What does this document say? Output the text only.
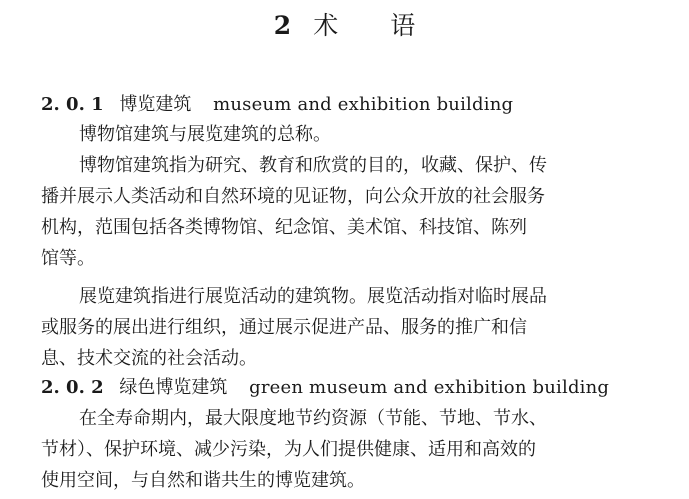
2 术 语
2. 0. 1 博览建筑 museum and exhibition building
博物馆建筑与展览建筑的总称。
博物馆建筑指为研究、教育和欣赏的目的，收藏、保护、传
播并展示人类活动和自然环境的见证物，向公众开放的社会服务
机构，范围包括各类博物馆、纪念馆、美术馆、科技馆、陈列
馆等。
展览建筑指进行展览活动的建筑物。展览活动指对临时展品
或服务的展出进行组织，通过展示促进产品、服务的推广和信
息、技术交流的社会活动。
2. 0. 2 绿色博览建筑 green museum and exhibition building
在全寿命期内，最大限度地节约资源（节能、节地、节水、
节材）、保护环境、减少污染，为人们提供健康、适用和高效的
使用空间，与自然和谐共生的博览建筑。
